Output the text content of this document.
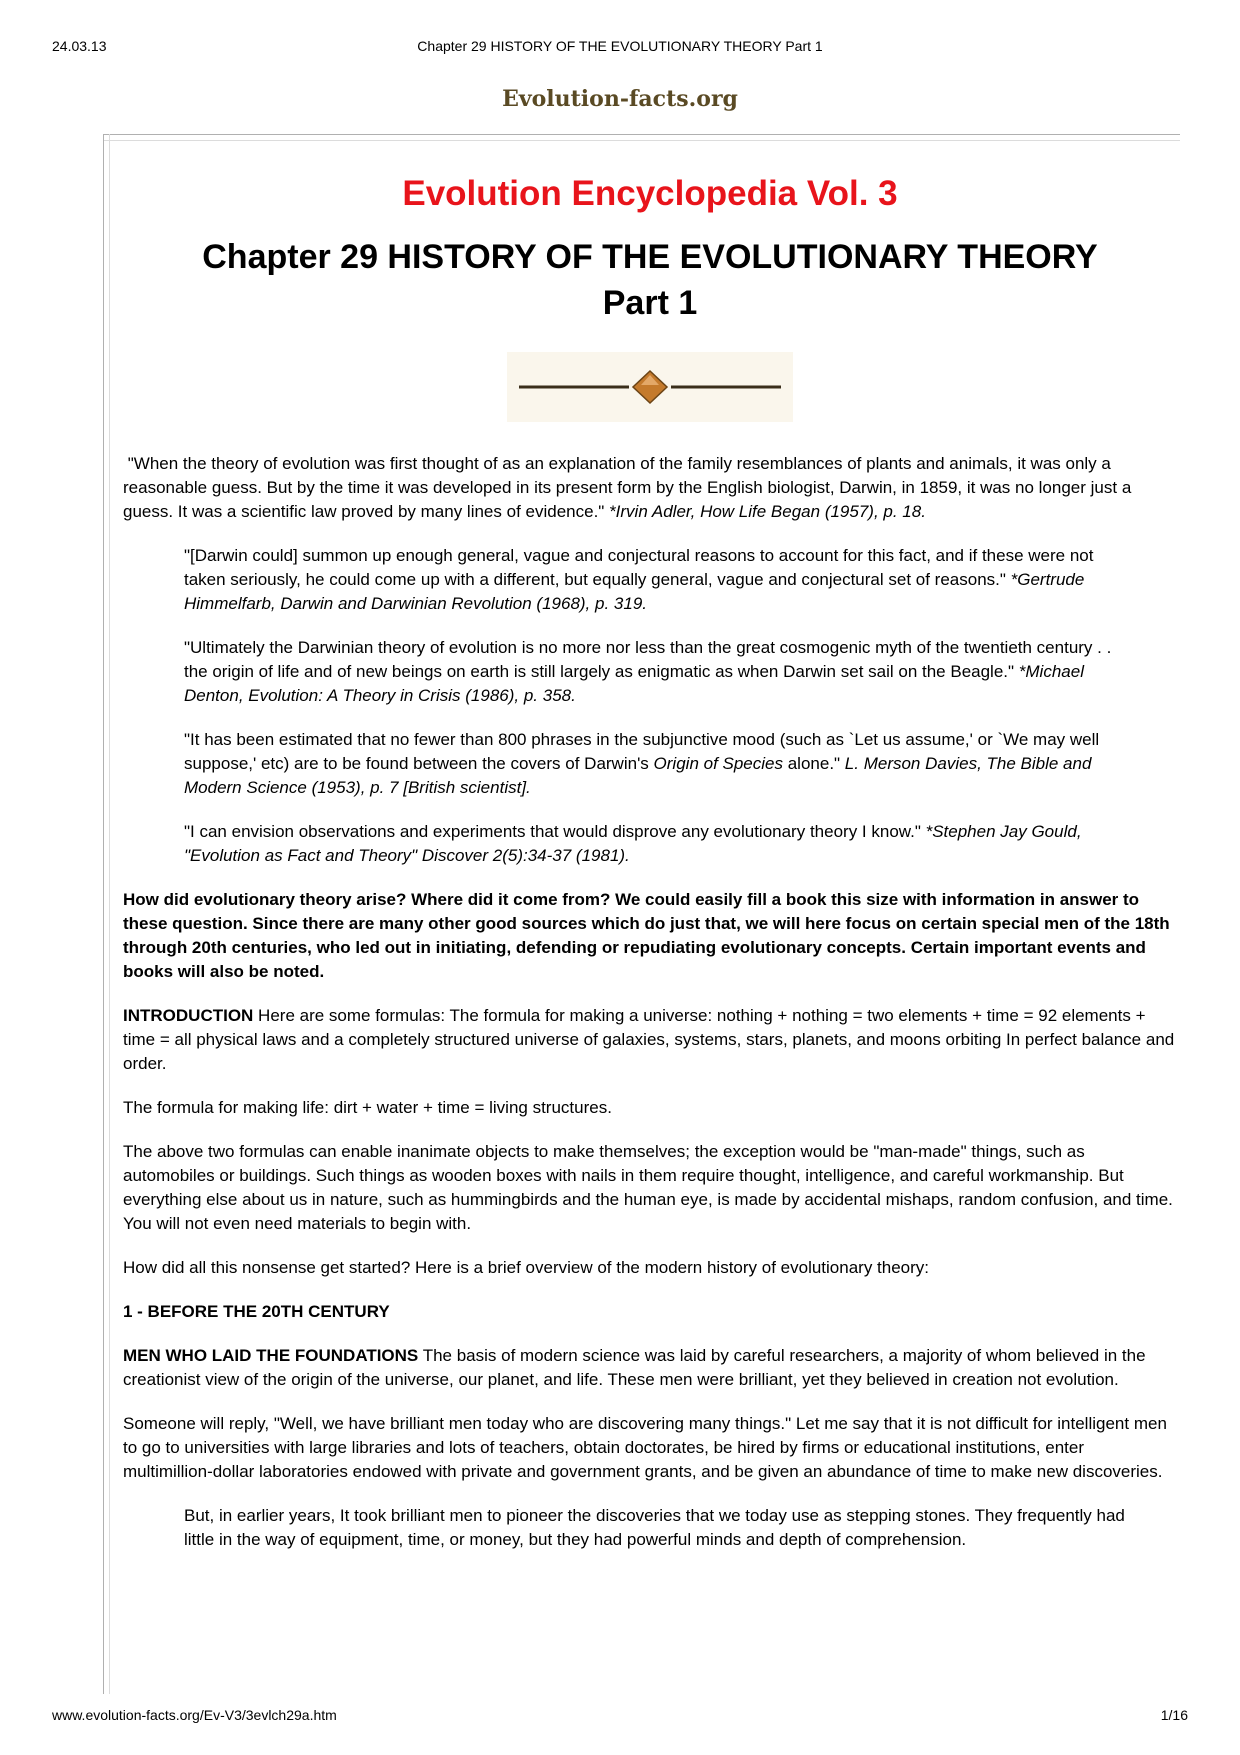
24.03.13	Chapter 29 HISTORY OF THE EVOLUTIONARY THEORY Part 1
Evolution-facts.org
Evolution Encyclopedia Vol. 3
Chapter 29 HISTORY OF THE EVOLUTIONARY THEORY
Part 1

"When the theory of evolution was first thought of as an explanation of the family resemblances of plants and animals, it was only a reasonable guess. But by the time it was developed in its present form by the English biologist, Darwin, in 1859, it was no longer just a guess. It was a scientific law proved by many lines of evidence." *Irvin Adler, How Life Began (1957), p. 18.

"[Darwin could] summon up enough general, vague and conjectural reasons to account for this fact, and if these were not taken seriously, he could come up with a different, but equally general, vague and conjectural set of reasons." *Gertrude Himmelfarb, Darwin and Darwinian Revolution (1968), p. 319.

"Ultimately the Darwinian theory of evolution is no more nor less than the great cosmogenic myth of the twentieth century . . the origin of life and of new beings on earth is still largely as enigmatic as when Darwin set sail on the Beagle." *Michael Denton, Evolution: A Theory in Crisis (1986), p. 358.

"It has been estimated that no fewer than 800 phrases in the subjunctive mood (such as `Let us assume,' or `We may well suppose,' etc) are to be found between the covers of Darwin's Origin of Species alone." L. Merson Davies, The Bible and Modern Science (1953), p. 7 [British scientist].

"I can envision observations and experiments that would disprove any evolutionary theory I know." *Stephen Jay Gould, "Evolution as Fact and Theory" Discover 2(5):34-37 (1981).

How did evolutionary theory arise? Where did it come from? We could easily fill a book this size with information in answer to these question. Since there are many other good sources which do just that, we will here focus on certain special men of the 18th through 20th centuries, who led out in initiating, defending or repudiating evolutionary concepts. Certain important events and books will also be noted.

INTRODUCTION Here are some formulas: The formula for making a universe: nothing + nothing = two elements + time = 92 elements + time = all physical laws and a completely structured universe of galaxies, systems, stars, planets, and moons orbiting In perfect balance and order.

The formula for making life: dirt + water + time = living structures.

The above two formulas can enable inanimate objects to make themselves; the exception would be "man-made" things, such as automobiles or buildings. Such things as wooden boxes with nails in them require thought, intelligence, and careful workmanship. But everything else about us in nature, such as hummingbirds and the human eye, is made by accidental mishaps, random confusion, and time. You will not even need materials to begin with.

How did all this nonsense get started? Here is a brief overview of the modern history of evolutionary theory:

1 - BEFORE THE 20TH CENTURY

MEN WHO LAID THE FOUNDATIONS The basis of modern science was laid by careful researchers, a majority of whom believed in the creationist view of the origin of the universe, our planet, and life. These men were brilliant, yet they believed in creation not evolution.

Someone will reply, "Well, we have brilliant men today who are discovering many things." Let me say that it is not difficult for intelligent men to go to universities with large libraries and lots of teachers, obtain doctorates, be hired by firms or educational institutions, enter multimillion-dollar laboratories endowed with private and government grants, and be given an abundance of time to make new discoveries.

But, in earlier years, It took brilliant men to pioneer the discoveries that we today use as stepping stones. They frequently had little in the way of equipment, time, or money, but they had powerful minds and depth of comprehension.

www.evolution-facts.org/Ev-V3/3evlch29a.htm	1/16
